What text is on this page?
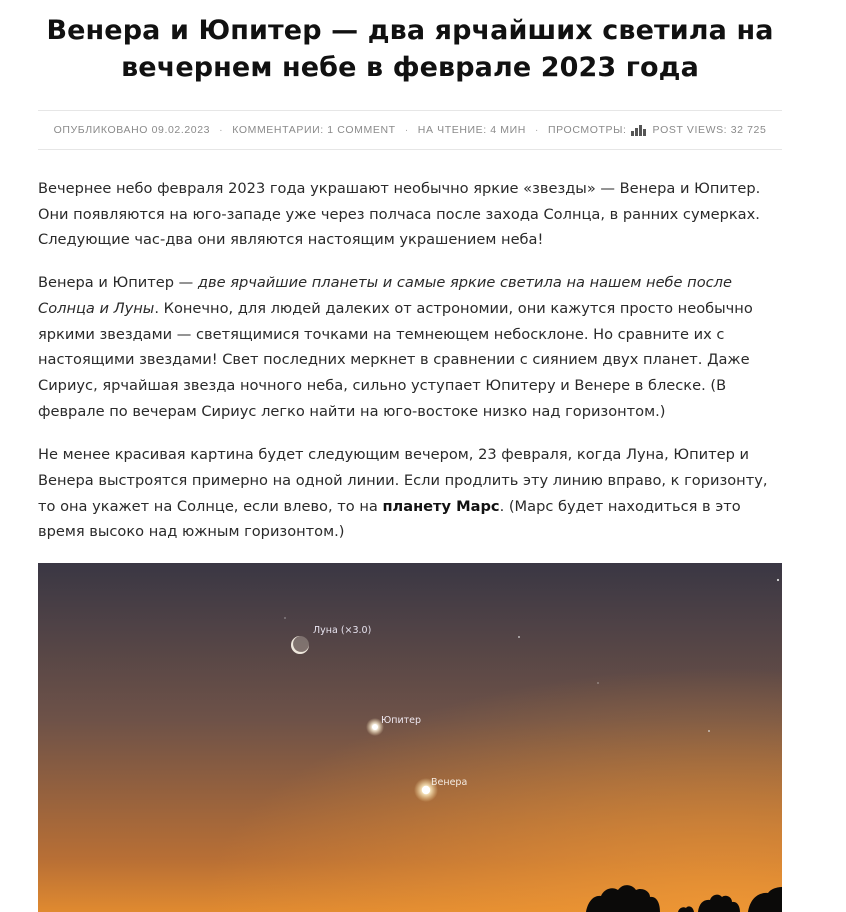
Венера и Юпитер — два ярчайших светила на вечернем небе в феврале 2023 года
ОПУБЛИКОВАНО 09.02.2023 · КОММЕНТАРИИ: 1 COMMENT · НА ЧТЕНИЕ: 4 МИН · ПРОСМОТРЫ: POST VIEWS: 32 725

Вечернее небо февраля 2023 года украшают необычно яркие «звезды» — Венера и Юпитер. Они появляются на юго-западе уже через полчаса после захода Солнца, в ранних сумерках. Следующие час-два они являются настоящим украшением неба!

Венера и Юпитер — две ярчайшие планеты и самые яркие светила на нашем небе после Солнца и Луны. Конечно, для людей далеких от астрономии, они кажутся просто необычно яркими звездами — светящимися точками на темнеющем небосклоне. Но сравните их с настоящими звездами! Свет последних меркнет в сравнении с сиянием двух планет. Даже Сириус, ярчайшая звезда ночного неба, сильно уступает Юпитеру и Венере в блеске. (В феврале по вечерам Сириус легко найти на юго-востоке низко над горизонтом.)

Не менее красивая картина будет следующим вечером, 23 февраля, когда Луна, Юпитер и Венера выстроятся примерно на одной линии. Если продлить эту линию вправо, к горизонту, то она укажет на Солнце, если влево, то на планету Марс. (Марс будет находиться в это время высоко над южным горизонтом.)

Луна (×3.0)
Юпитер
Венера
